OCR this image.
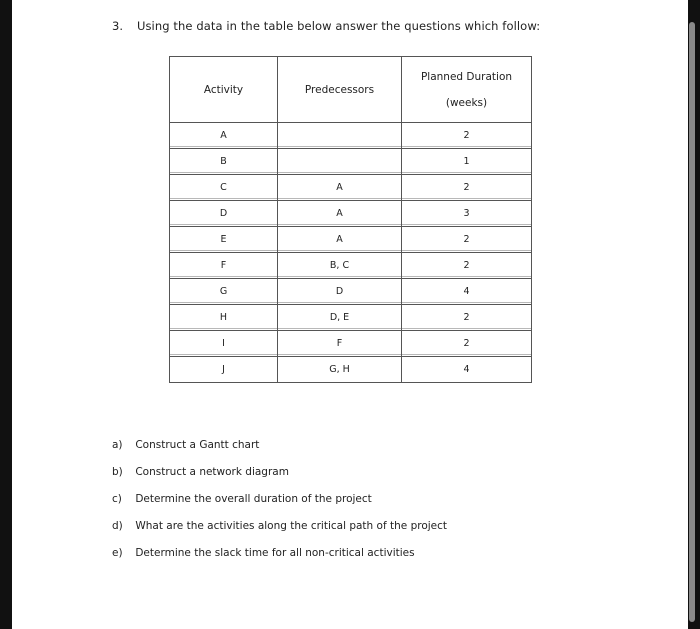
3. Using the data in the table below answer the questions which follow:
Activity	Predecessors	Planned Duration
(weeks)

A		2
B		1
C	A	2
D	A	3
E	A	2
F	B, C	2
G	D	4
H	D, E	2
I	F	2
J	G, H	4
a) Construct a Gantt chart
b) Construct a network diagram
c) Determine the overall duration of the project
d) What are the activities along the critical path of the project
e) Determine the slack time for all non-critical activities
